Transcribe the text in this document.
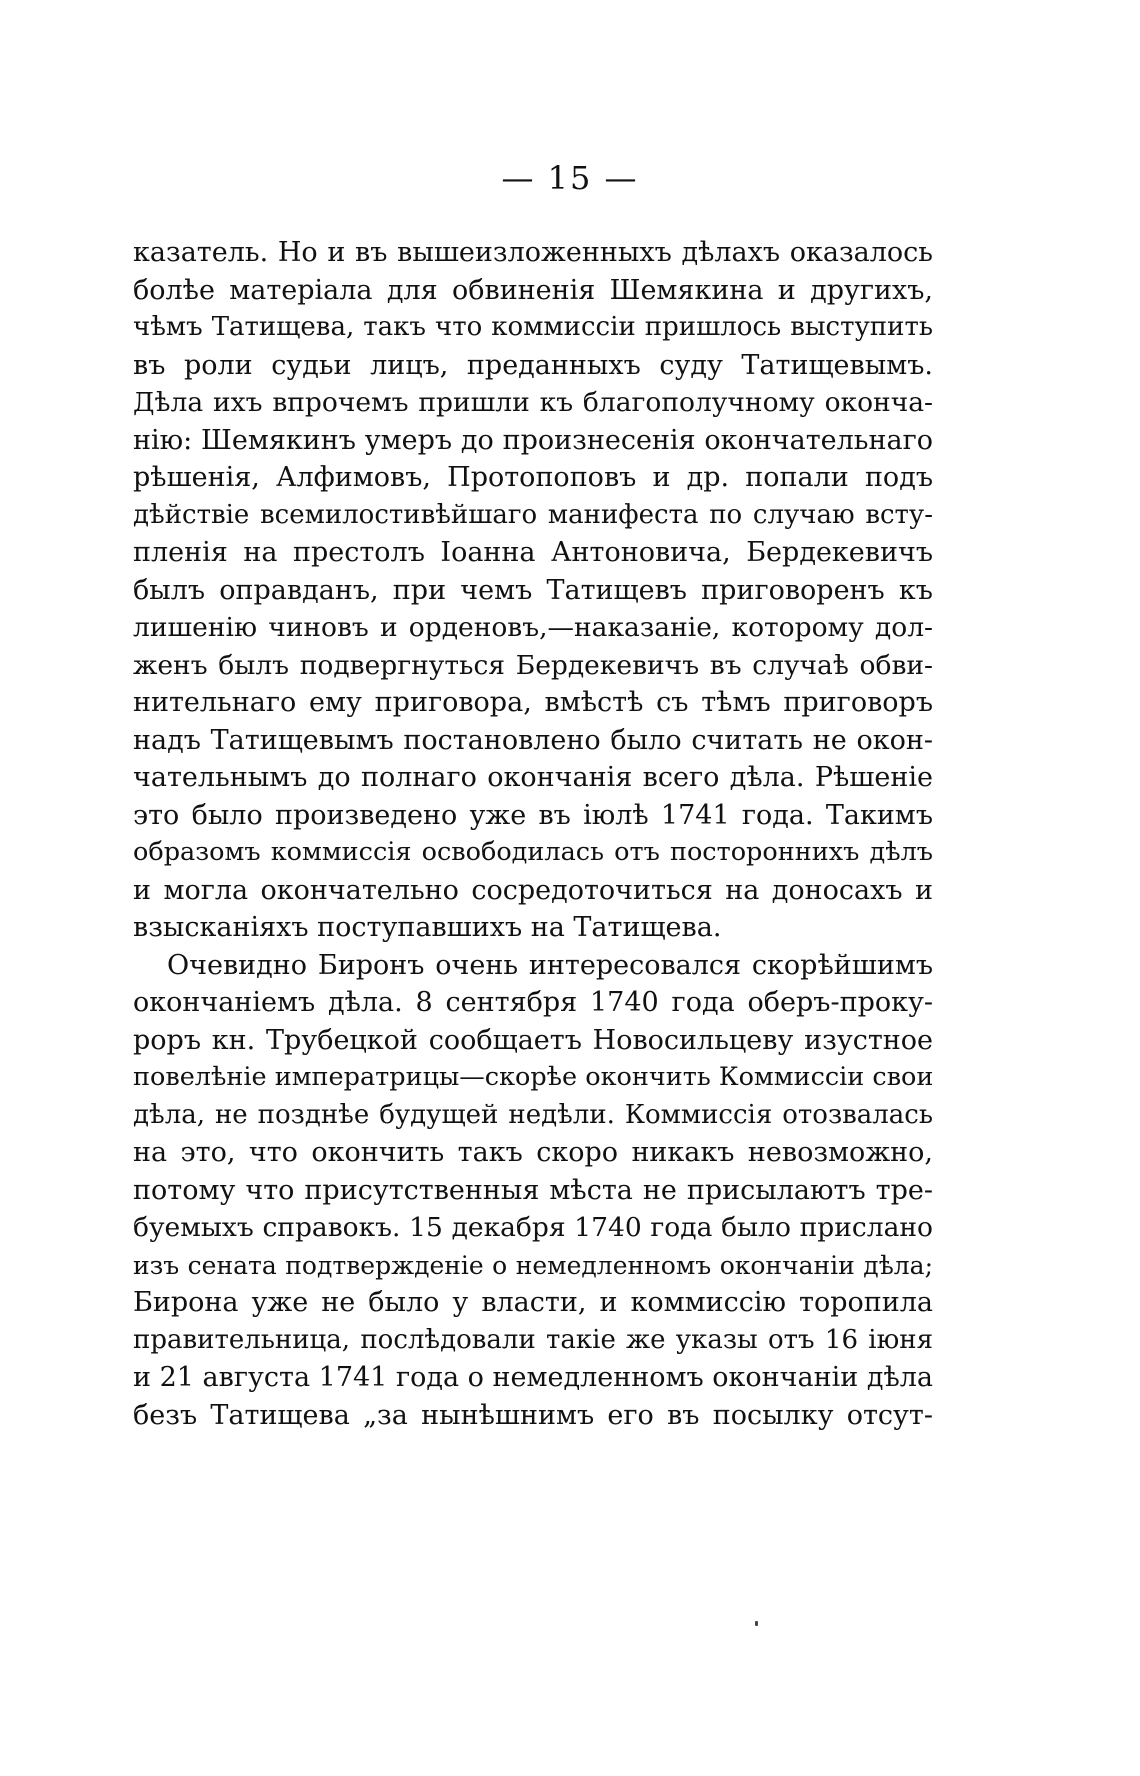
— 15 —
казатель. Но и въ вышеизложенныхъ дѣлахъ оказалось
болѣе матеріала для обвиненія Шемякина и другихъ,
чѣмъ Татищева, такъ что коммиссіи пришлось выступить
въ роли судьи лицъ, преданныхъ суду Татищевымъ.
Дѣла ихъ впрочемъ пришли къ благополучному оконча-
нію: Шемякинъ умеръ до произнесенія окончательнаго
рѣшенія, Алфимовъ, Протопоповъ и др. попали подъ
дѣйствіе всемилостивѣйшаго манифеста по случаю всту-
пленія на престолъ Іоанна Антоновича, Бердекевичъ
былъ оправданъ, при чемъ Татищевъ приговоренъ къ
лишенію чиновъ и орденовъ,—наказаніе, которому дол-
женъ былъ подвергнуться Бердекевичъ въ случаѣ обви-
нительнаго ему приговора, вмѣстѣ съ тѣмъ приговоръ
надъ Татищевымъ постановлено было считать не окон-
чательнымъ до полнаго окончанія всего дѣла. Рѣшеніе
это было произведено уже въ іюлѣ 1741 года. Такимъ
образомъ коммиссія освободилась отъ постороннихъ дѣлъ
и могла окончательно сосредоточиться на доносахъ и
взысканіяхъ поступавшихъ на Татищева.
Очевидно Биронъ очень интересовался скорѣйшимъ
окончаніемъ дѣла. 8 сентября 1740 года оберъ-проку-
роръ кн. Трубецкой сообщаетъ Новосильцеву изустное
повелѣніе императрицы—скорѣе окончить Коммиссіи свои
дѣла, не позднѣе будущей недѣли. Коммиссія отозвалась
на это, что окончить такъ скоро никакъ невозможно,
потому что присутственныя мѣста не присылаютъ тре-
буемыхъ справокъ. 15 декабря 1740 года было прислано
изъ сената подтвержденіе о немедленномъ окончаніи дѣла;
Бирона уже не было у власти, и коммиссію торопила
правительница, послѣдовали такіе же указы отъ 16 іюня
и 21 августа 1741 года о немедленномъ окончаніи дѣла
безъ Татищева „за нынѣшнимъ его въ посылку отсут-
